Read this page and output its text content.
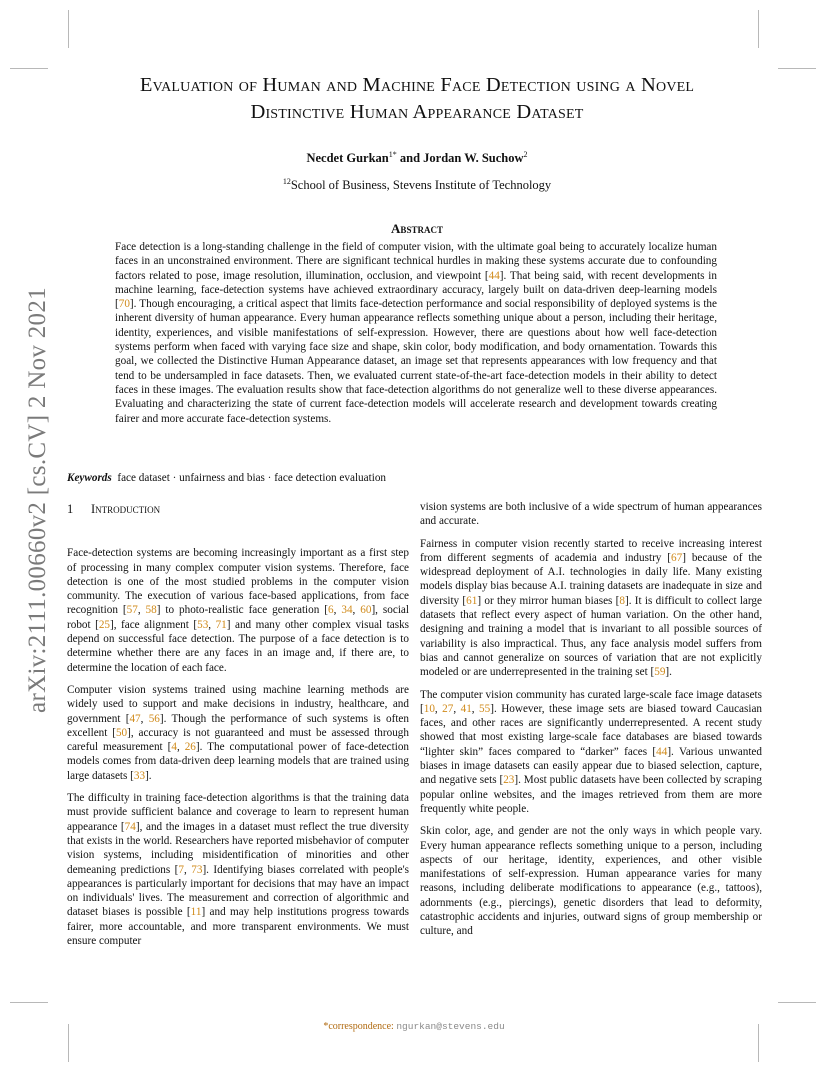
arXiv:2111.00660v2 [cs.CV] 2 Nov 2021
Evaluation of Human and Machine Face Detection using a Novel
Distinctive Human Appearance Dataset
Necdet Gurkan$^{1*}$ and Jordan W. Suchow$^2$
$^{12}$School of Business, Stevens Institute of Technology
Abstract

Face detection is a long-standing challenge in the field of computer vision, with the ultimate goal being to accurately localize human faces in an unconstrained environment. There are significant technical hurdles in making these systems accurate due to confounding factors related to pose, image resolution, illumination, occlusion, and viewpoint [44]. That being said, with recent developments in machine learning, face-detection systems have achieved extraordinary accuracy, largely built on data-driven deep-learning models [70]. Though encouraging, a critical aspect that limits face-detection performance and social responsibility of deployed systems is the inherent diversity of human appearance. Every human appearance reflects something unique about a person, including their heritage, identity, experiences, and visible manifestations of self-expression. However, there are questions about how well face-detection systems perform when faced with varying face size and shape, skin color, body modification, and body ornamentation. Towards this goal, we collected the Distinctive Human Appearance dataset, an image set that represents appearances with low frequency and that tend to be undersampled in face datasets. Then, we evaluated current state-of-the-art face-detection models in their ability to detect faces in these images. The evaluation results show that face-detection algorithms do not generalize well to these diverse appearances. Evaluating and characterizing the state of current face-detection models will accelerate research and development towards creating fairer and more accurate face-detection systems.

Keywords face dataset · unfairness and bias · face detection evaluation
1 Introduction

Face-detection systems are becoming increasingly important as a first step of processing in many complex computer vision systems. Therefore, face detection is one of the most studied problems in the computer vision community. The execution of various face-based applications, from face recognition [57, 58] to photo-realistic face generation [6, 34, 60], social robot [25], face alignment [53, 71] and many other complex visual tasks depend on successful face detection. The purpose of a face detection is to determine whether there are any faces in an image and, if there are, to determine the location of each face.

Computer vision systems trained using machine learning methods are widely used to support and make decisions in industry, healthcare, and government [47, 56]. Though the performance of such systems is often excellent [50], accuracy is not guaranteed and must be assessed through careful measurement [4, 26]. The computational power of face-detection models comes from data-driven deep learning models that are trained using large datasets [33].

The difficulty in training face-detection algorithms is that the training data must provide sufficient balance and coverage to learn to represent human appearance [74], and the images in a dataset must reflect the true diversity that exists in the world. Researchers have reported misbehavior of computer vision systems, including misidentification of minorities and other demeaning predictions [7, 73]. Identifying biases correlated with people's appearances is particularly important for decisions that may have an impact on individuals' lives. The measurement and correction of algorithmic and dataset biases is possible [11] and may help institutions progress towards fairer, more accountable, and more transparent environments. We must ensure computer

vision systems are both inclusive of a wide spectrum of human appearances and accurate.

Fairness in computer vision recently started to receive increasing interest from different segments of academia and industry [67] because of the widespread deployment of A.I. technologies in daily life. Many existing models display bias because A.I. training datasets are inadequate in size and diversity [61] or they mirror human biases [8]. It is difficult to collect large datasets that reflect every aspect of human variation. On the other hand, designing and training a model that is invariant to all possible sources of variability is also impractical. Thus, any face analysis model suffers from bias and cannot generalize on sources of variation that are not explicitly modeled or are underrepresented in the training set [59].

The computer vision community has curated large-scale face image datasets [10, 27, 41, 55]. However, these image sets are biased toward Caucasian faces, and other races are significantly underrepresented. A recent study showed that most existing large-scale face databases are biased towards “lighter skin” faces compared to “darker” faces [44]. Various unwanted biases in image datasets can easily appear due to biased selection, capture, and negative sets [23]. Most public datasets have been collected by scraping popular online websites, and the images retrieved from them are more frequently white people.

Skin color, age, and gender are not the only ways in which people vary. Every human appearance reflects something unique to a person, including aspects of our heritage, identity, experiences, and other visible manifestations of self-expression. Human appearance varies for many reasons, including deliberate modifications to appearance (e.g., tattoos), adornments (e.g., piercings), genetic disorders that lead to deformity, catastrophic accidents and injuries, outward signs of group membership or culture, and

*correspondence: ngurkan@stevens.edu
